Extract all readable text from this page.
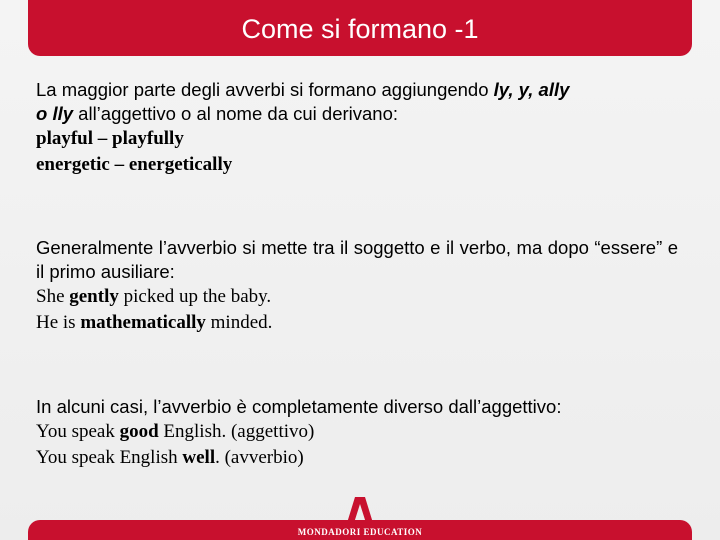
Come si formano -1
La maggior parte degli avverbi si formano aggiungendo ly, y, ally
o lly all’aggettivo o al nome da cui derivano:
playful – playfully
energetic – energetically
Generalmente l’avverbio si mette tra il soggetto e il verbo, ma dopo “essere” e il primo ausiliare:
She gently picked up the baby.
He is mathematically minded.
In alcuni casi, l’avverbio è completamente diverso dall’aggettivo:
You speak good English. (aggettivo)
You speak English well. (avverbio)
MONDADORI EDUCATION
